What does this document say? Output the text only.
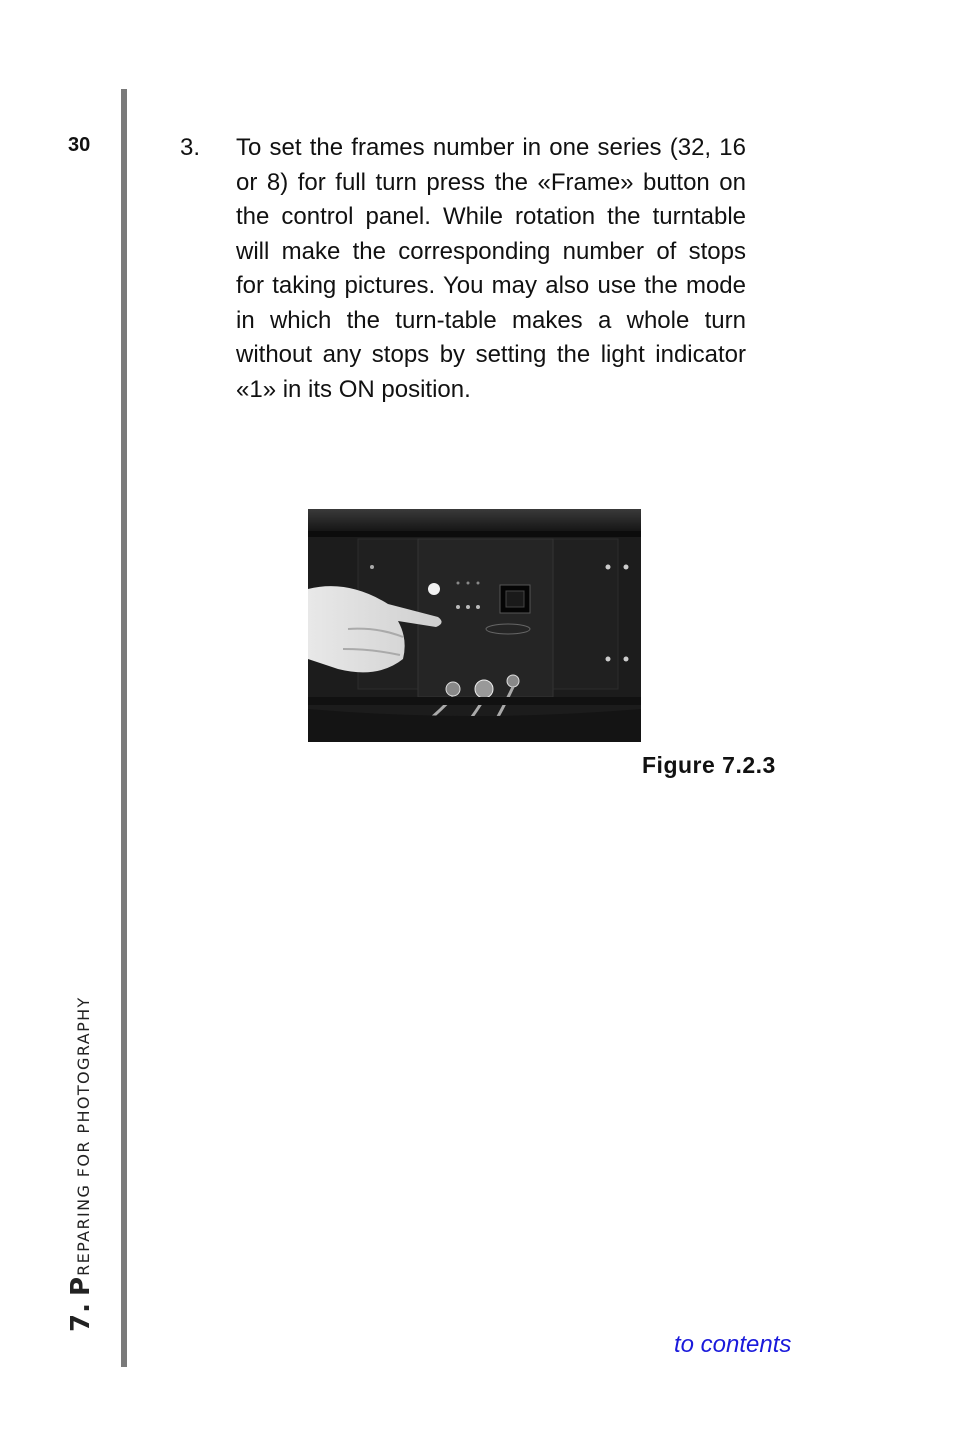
30
7. PREPARING FOR PHOTOGRAPHY

3. To set the frames number in one series (32, 16 or 8) for full turn press the «Frame» button on the control panel. While rotation the turntable will make the corresponding number of stops for taking pictures. You may also use the mode in which the turn-table makes a whole turn without any stops by setting the light indicator «1» in its ON position.

Figure 7.2.3
to contents
